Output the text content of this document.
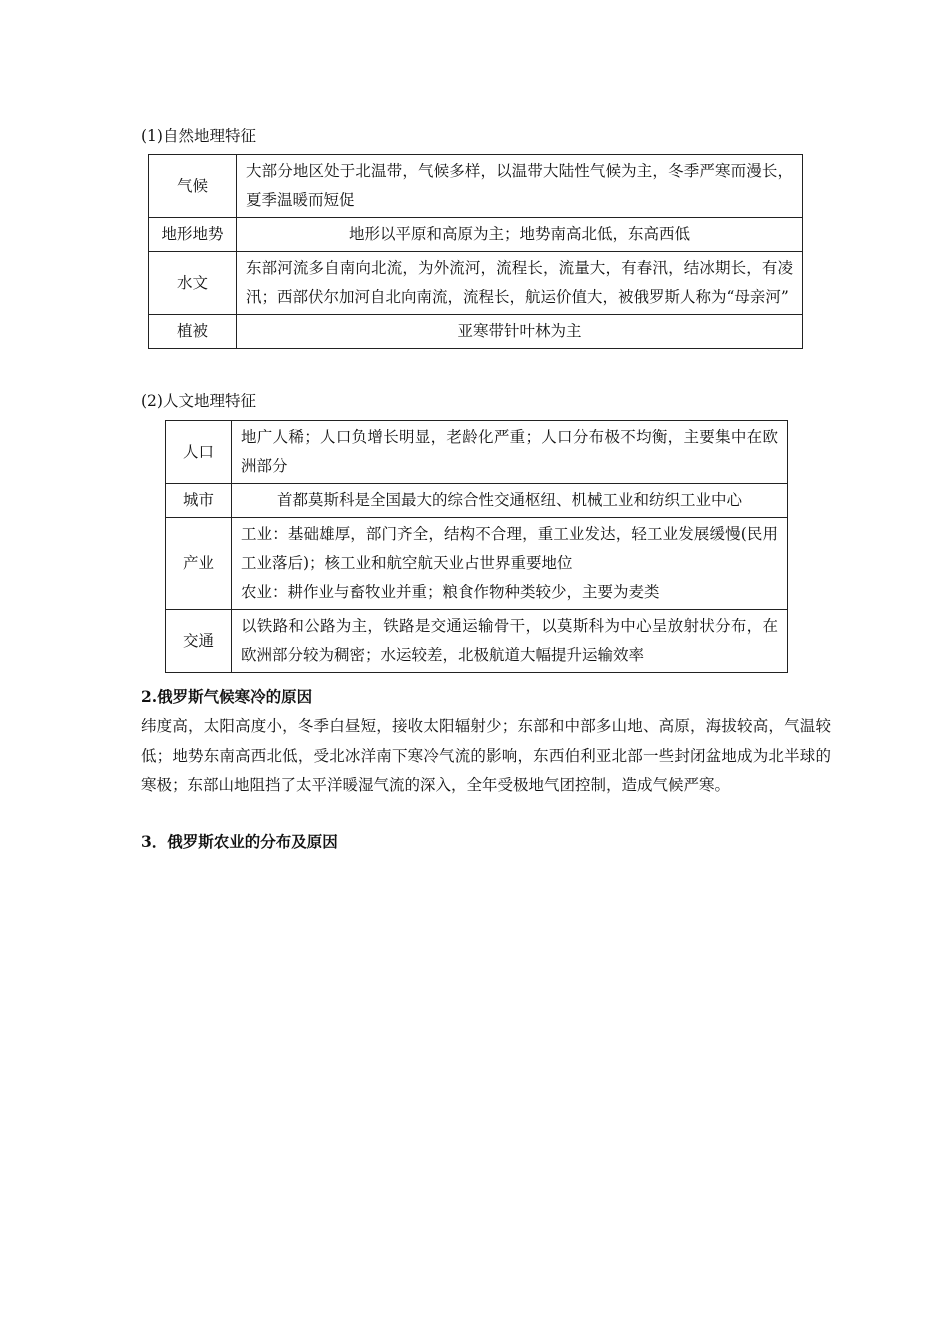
(1)自然地理特征
气候	大部分地区处于北温带，气候多样，以温带大陆性气候为主，冬季严寒而漫长，夏季温暖而短促
地形地势	地形以平原和高原为主；地势南高北低，东高西低
水文	东部河流多自南向北流，为外流河，流程长，流量大，有春汛，结冰期长，有凌汛；西部伏尔加河自北向南流，流程长，航运价值大，被俄罗斯人称为“母亲河”
植被	亚寒带针叶林为主
(2)人文地理特征
人口	地广人稀；人口负增长明显，老龄化严重；人口分布极不均衡，主要集中在欧洲部分
城市	首都莫斯科是全国最大的综合性交通枢纽、机械工业和纺织工业中心
产业	工业：基础雄厚，部门齐全，结构不合理，重工业发达，轻工业发展缓慢(民用工业落后)；核工业和航空航天业占世界重要地位
农业：耕作业与畜牧业并重；粮食作物种类较少，主要为麦类

交通	以铁路和公路为主，铁路是交通运输骨干，以莫斯科为中心呈放射状分布，在欧洲部分较为稠密；水运较差，北极航道大幅提升运输效率
2.俄罗斯气候寒冷的原因
纬度高，太阳高度小，冬季白昼短，接收太阳辐射少；东部和中部多山地、高原，海拔较高，气温较低；地势东南高西北低，受北冰洋南下寒冷气流的影响，东西伯利亚北部一些封闭盆地成为北半球的寒极；东部山地阻挡了太平洋暖湿气流的深入，全年受极地气团控制，造成气候严寒。
3．俄罗斯农业的分布及原因
